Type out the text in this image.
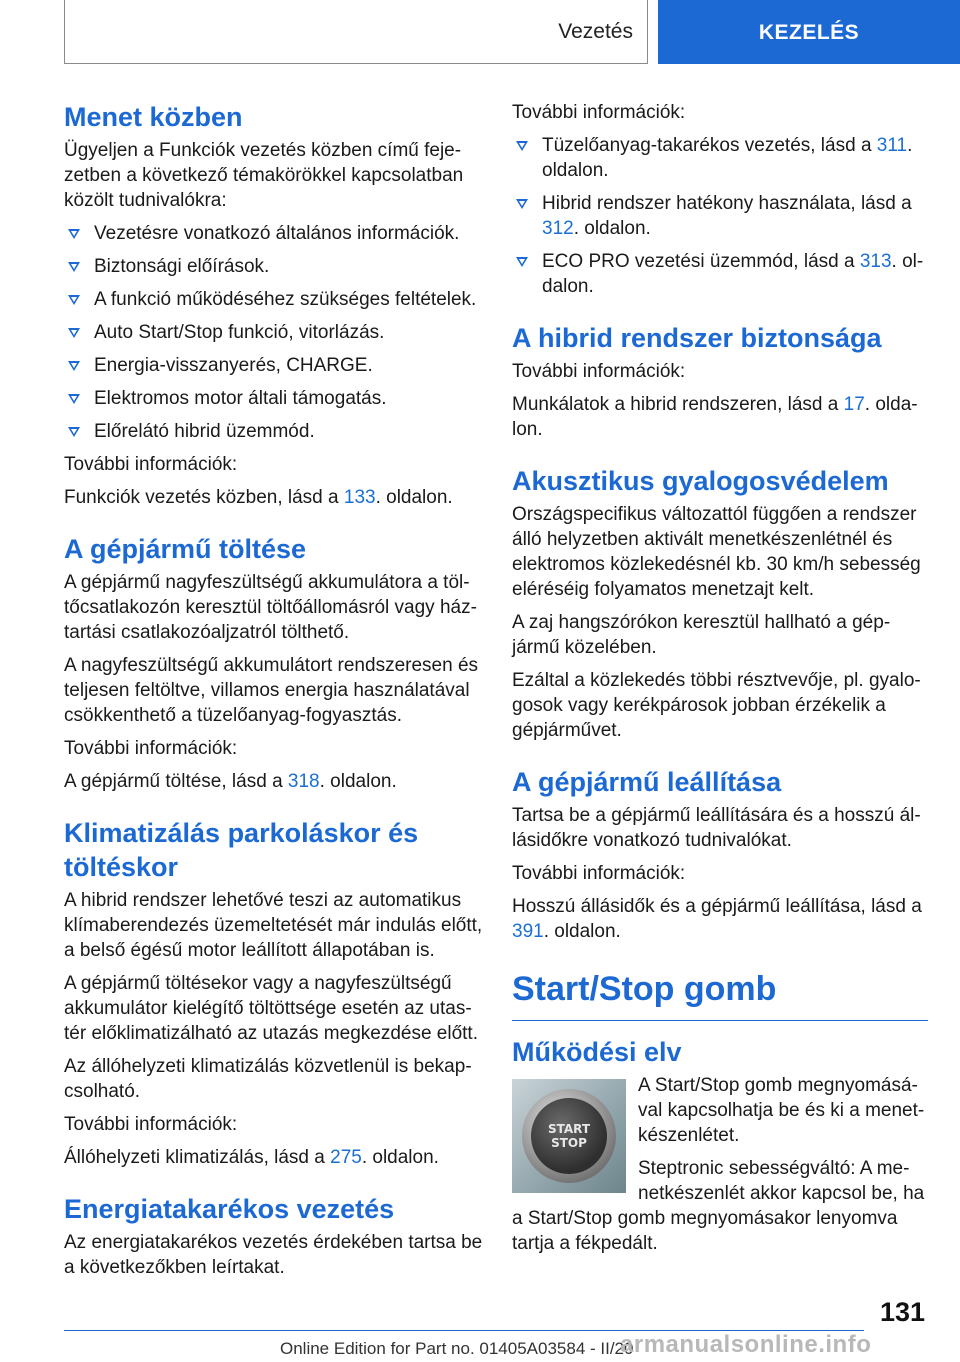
Vezetés	KEZELÉS
Menet közben

Ügyeljen a Funkciók vezetés közben című fejezetben a következő témakörökkel kapcsolatban közölt tudnivalókra:

Vezetésre vonatkozó általános információk.
Biztonsági előírások.
A funkció működéséhez szükséges feltételek.
Auto Start/Stop funkció, vitorlázás.
Energia-visszanyerés, CHARGE.
Elektromos motor általi támogatás.
Előrelátó hibrid üzemmód.

További információk:

Funkciók vezetés közben, lásd a 133. oldalon.

A gépjármű töltése

A gépjármű nagyfeszültségű akkumulátora a töltőcsatlakozón keresztül töltőállomásról vagy háztartási csatlakozóaljzatról tölthető.

A nagyfeszültségű akkumulátort rendszeresen és teljesen feltöltve, villamos energia használatával csökkenthető a tüzelőanyag-fogyasztás.

További információk:

A gépjármű töltése, lásd a 318. oldalon.

Klimatizálás parkoláskor és töltéskor

A hibrid rendszer lehetővé teszi az automatikus klímaberendezés üzemeltetését már indulás előtt, a belső égésű motor leállított állapotában is.

A gépjármű töltésekor vagy a nagyfeszültségű akkumulátor kielégítő töltöttsége esetén az utastér előklimatizálható az utazás megkezdése előtt.

Az állóhelyzeti klimatizálás közvetlenül is bekapcsolható.

További információk:

Állóhelyzeti klimatizálás, lásd a 275. oldalon.

Energiatakarékos vezetés

Az energiatakarékos vezetés érdekében tartsa be a következőkben leírtakat.

További információk:

Tüzelőanyag-takarékos vezetés, lásd a 311. oldalon.
Hibrid rendszer hatékony használata, lásd a 312. oldalon.
ECO PRO vezetési üzemmód, lásd a 313. oldalon.
A hibrid rendszer biztonsága

További információk:

Munkálatok a hibrid rendszeren, lásd a 17. oldalon.

Akusztikus gyalogosvédelem

Országspecifikus változattól függően a rendszer álló helyzetben aktivált menetkészenlétnél és elektromos közlekedésnél kb. 30 km/h sebesség eléréséig folyamatos menetzajt kelt.

A zaj hangszórókon keresztül hallható a gépjármű közelében.

Ezáltal a közlekedés többi résztvevője, pl. gyalogosok vagy kerékpárosok jobban érzékelik a gépjárművet.

A gépjármű leállítása

Tartsa be a gépjármű leállítására és a hosszú állásidőkre vonatkozó tudnivalókat.

További információk:

Hosszú állásidők és a gépjármű leállítása, lásd a 391. oldalon.

Start/Stop gomb
Működési elv
START
STOP

A Start/Stop gomb megnyomásával kapcsolhatja be és ki a menetkészenlétet.

Steptronic sebességváltó: A menetkészenlét akkor kapcsol be, ha a Start/Stop gomb megnyomásakor lenyomva tartja a fékpedált.

131
Online Edition for Part no. 01405A03584 - II/20
armanualsonline.info
